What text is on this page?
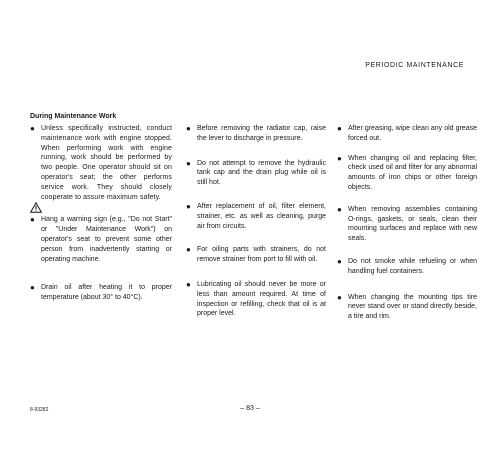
PERIODIC MAINTENANCE
During Maintenance Work
● Unless specifically instructed, conduct maintenance work with engine stopped. When performing work with engine running, work should be performed by two people. One operator should sit on operator's seat; the other performs service work. They should closely cooperate to assure maximum safety.

● Hang a warning sign (e.g., "Do not Start" or "Under Maintenance Work") on operator's seat to prevent some other person from inadvertently starting or operating machine.

● Drain oil after heating it to proper temperature (about 30° to 40°C).

● Before removing the radiator cap, raise the lever to discharge in pressure.

● Do not attempt to remove the hydraulic tank cap and the drain plug while oil is still hot.

● After replacement of oil, filter element, strainer, etc. as well as cleaning, purge air from circuits.

● For oiling parts with strainers, do not remove strainer from port to fill with oil.

● Lubricating oil should never be more or less than amount required. At time of inspection or refilling, check that oil is at proper level.

● After greasing, wipe clean any old grease forced out.

● When changing oil and replacing filter, check used oil and filter for any abnormal amounts of iron chips or other foreign objects.

● When removing assemblies containing O-rings, gaskets, or seals, clean their mounting surfaces and replace with new seals.

● Do not smoke while refueling or when handling fuel containers.

● When changing the mounting tips tire never stand over or stand directly beside, a tire and rim.

8-93282	– 83 –
